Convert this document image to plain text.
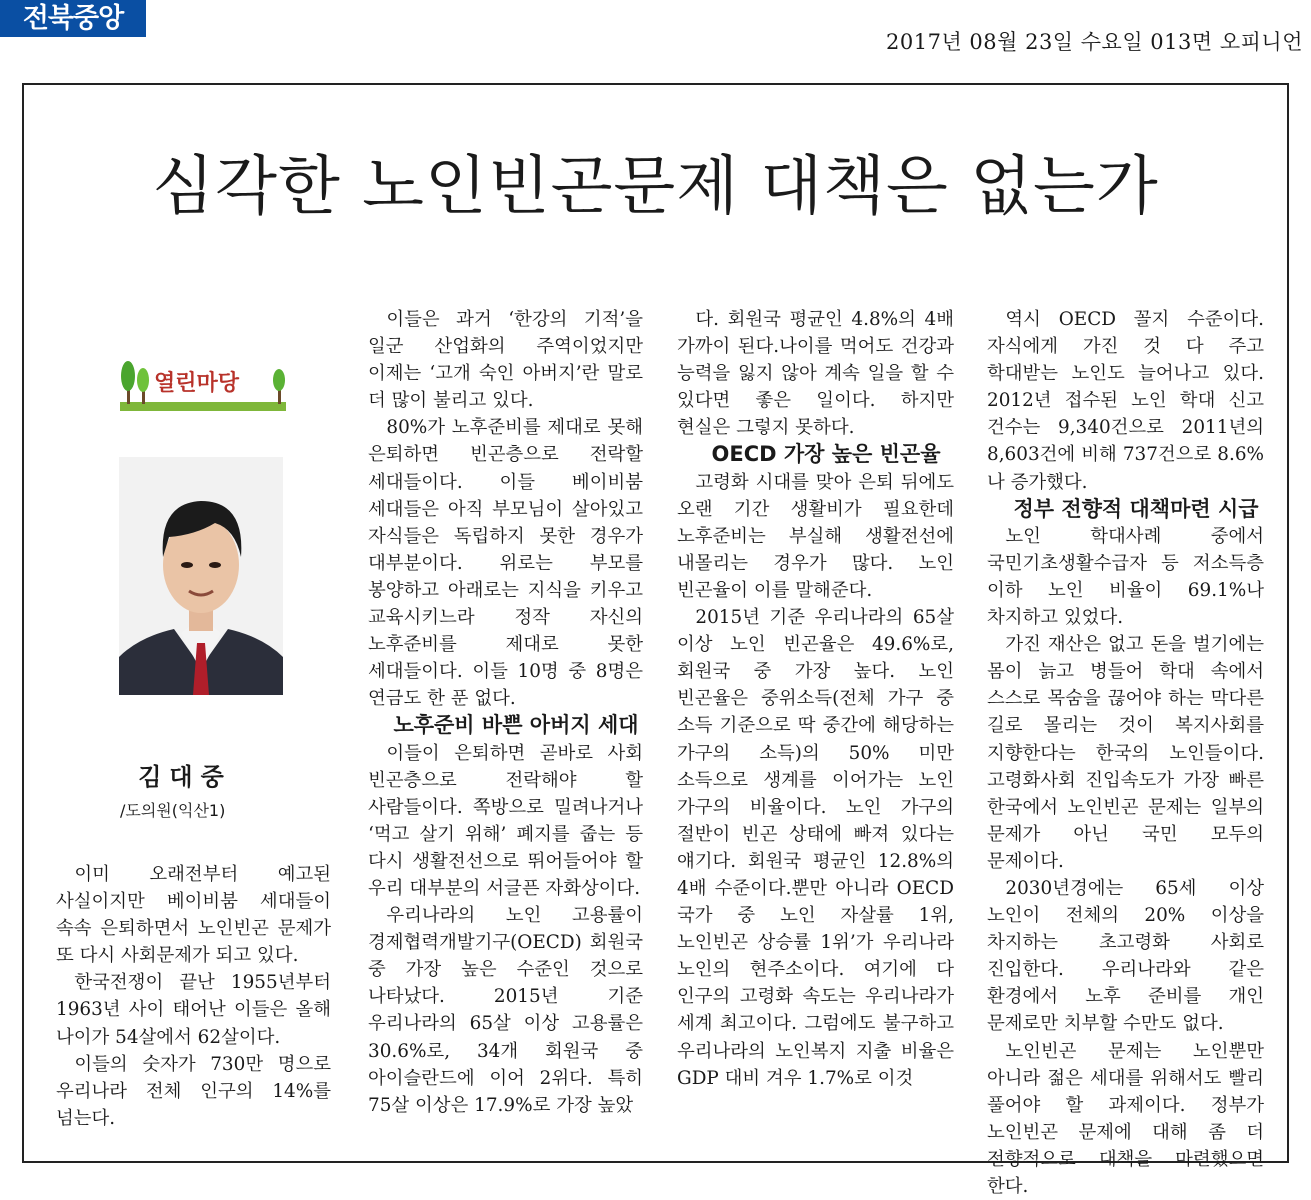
전북중앙
2017년 08월 23일 수요일 013면 오피니언
심각한 노인빈곤문제 대책은 없는가
열린마당
김대중
/도의원(익산1)

이미 오래전부터 예고된 사실이지만 베이비붐 세대들이 속속 은퇴하면서 노인빈곤 문제가 또 다시 사회문제가 되고 있다.

한국전쟁이 끝난 1955년부터 1963년 사이 태어난 이들은 올해 나이가 54살에서 62살이다.

이들의 숫자가 730만 명으로 우리나라 전체 인구의 14%를 넘는다.

이들은 과거 ‘한강의 기적’을 일군 산업화의 주역이었지만 이제는 ‘고개 숙인 아버지’란 말로 더 많이 불리고 있다.

80%가 노후준비를 제대로 못해 은퇴하면 빈곤층으로 전락할 세대들이다. 이들 베이비붐 세대들은 아직 부모님이 살아있고 자식들은 독립하지 못한 경우가 대부분이다. 위로는 부모를 봉양하고 아래로는 지식을 키우고 교육시키느라 정작 자신의 노후준비를 제대로 못한 세대들이다. 이들 10명 중 8명은 연금도 한 푼 없다.

노후준비 바쁜 아버지 세대

이들이 은퇴하면 곧바로 사회 빈곤층으로 전락해야 할 사람들이다. 쪽방으로 밀려나거나 ‘먹고 살기 위해’ 폐지를 줍는 등 다시 생활전선으로 뛰어들어야 할 우리 대부분의 서글픈 자화상이다.

우리나라의 노인 고용률이 경제협력개발기구(OECD) 회원국 중 가장 높은 수준인 것으로 나타났다. 2015년 기준 우리나라의 65살 이상 고용률은 30.6%로, 34개 회원국 중 아이슬란드에 이어 2위다. 특히 75살 이상은 17.9%로 가장 높았

다. 회원국 평균인 4.8%의 4배 가까이 된다.나이를 먹어도 건강과 능력을 잃지 않아 계속 일을 할 수 있다면 좋은 일이다. 하지만 현실은 그렇지 못하다.

OECD 가장 높은 빈곤율

고령화 시대를 맞아 은퇴 뒤에도 오랜 기간 생활비가 필요한데 노후준비는 부실해 생활전선에 내몰리는 경우가 많다. 노인 빈곤율이 이를 말해준다.

2015년 기준 우리나라의 65살 이상 노인 빈곤율은 49.6%로, 회원국 중 가장 높다. 노인 빈곤율은 중위소득(전체 가구 중 소득 기준으로 딱 중간에 해당하는 가구의 소득)의 50% 미만 소득으로 생계를 이어가는 노인 가구의 비율이다. 노인 가구의 절반이 빈곤 상태에 빠져 있다는 얘기다. 회원국 평균인 12.8%의 4배 수준이다.뿐만 아니라 OECD 국가 중 노인 자살률 1위, 노인빈곤 상승률 1위’가 우리나라 노인의 현주소이다. 여기에 다 인구의 고령화 속도는 우리나라가 세계 최고이다. 그럼에도 불구하고 우리나라의 노인복지 지출 비율은 GDP 대비 겨우 1.7%로 이것

역시 OECD 꼴지 수준이다. 자식에게 가진 것 다 주고 학대받는 노인도 늘어나고 있다. 2012년 접수된 노인 학대 신고 건수는 9,340건으로 2011년의 8,603건에 비해 737건으로 8.6%나 증가했다.

정부 전향적 대책마련 시급

노인 학대사례 중에서 국민기초생활수급자 등 저소득층 이하 노인 비율이 69.1%나 차지하고 있었다.

가진 재산은 없고 돈을 벌기에는 몸이 늙고 병들어 학대 속에서 스스로 목숨을 끊어야 하는 막다른 길로 몰리는 것이 복지사회를 지향한다는 한국의 노인들이다. 고령화사회 진입속도가 가장 빠른 한국에서 노인빈곤 문제는 일부의 문제가 아닌 국민 모두의 문제이다.

2030년경에는 65세 이상 노인이 전체의 20% 이상을 차지하는 초고령화 사회로 진입한다. 우리나라와 같은 환경에서 노후 준비를 개인 문제로만 치부할 수만도 없다.

노인빈곤 문제는 노인뿐만 아니라 젊은 세대를 위해서도 빨리 풀어야 할 과제이다. 정부가 노인빈곤 문제에 대해 좀 더 전향적으로 대책을 마련했으면 한다.
